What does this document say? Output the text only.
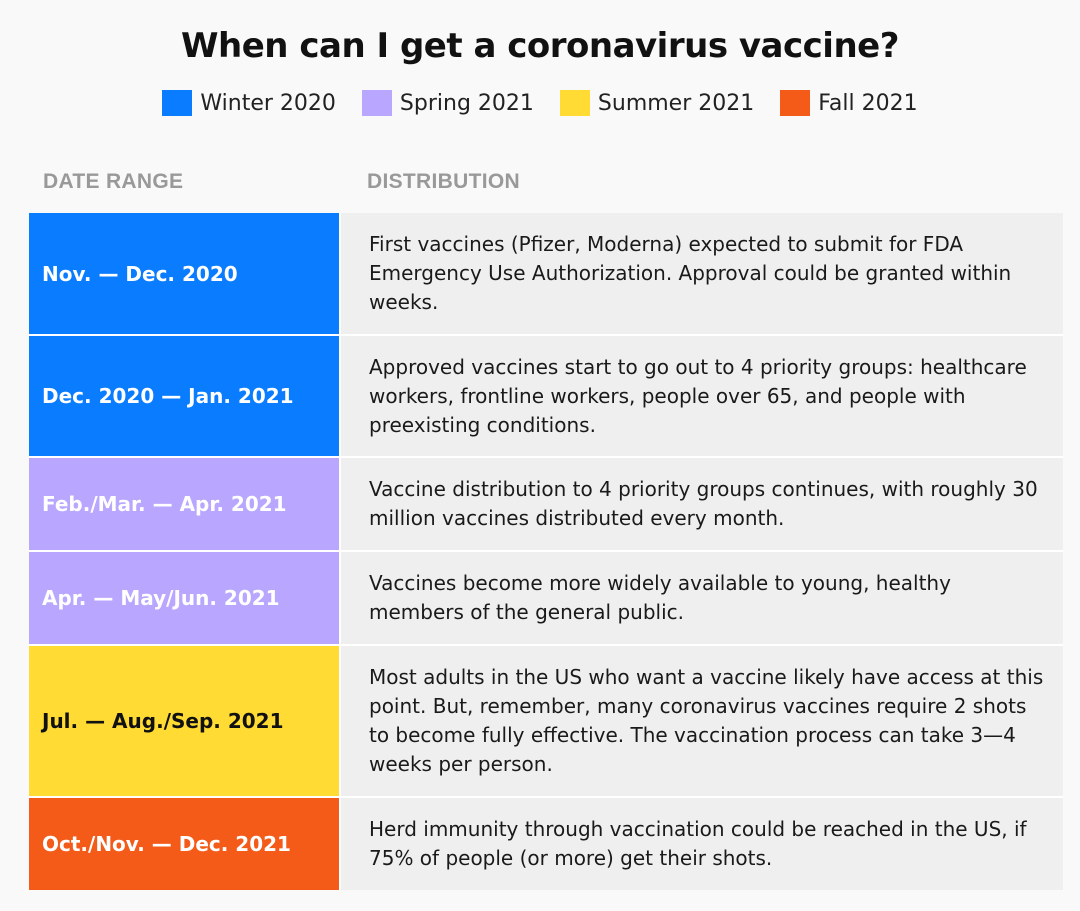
When can I get a coronavirus vaccine?
Winter 2020	Spring 2021	Summer 2021	Fall 2021
DATE RANGE	DISTRIBUTION
Nov. — Dec. 2020
First vaccines (Pfizer, Moderna) expected to submit for FDA Emergency Use Authorization. Approval could be granted within weeks.
Dec. 2020 — Jan. 2021
Approved vaccines start to go out to 4 priority groups: healthcare workers, frontline workers, people over 65, and people with preexisting conditions.
Feb./Mar. — Apr. 2021
Vaccine distribution to 4 priority groups continues, with roughly 30 million vaccines distributed every month.
Apr. — May/Jun. 2021
Vaccines become more widely available to young, healthy members of the general public.
Jul. — Aug./Sep. 2021
Most adults in the US who want a vaccine likely have access at this point. But, remember, many coronavirus vaccines require 2 shots to become fully effective. The vaccination process can take 3—4 weeks per person.
Oct./Nov. — Dec. 2021
Herd immunity through vaccination could be reached in the US, if 75% of people (or more) get their shots.
